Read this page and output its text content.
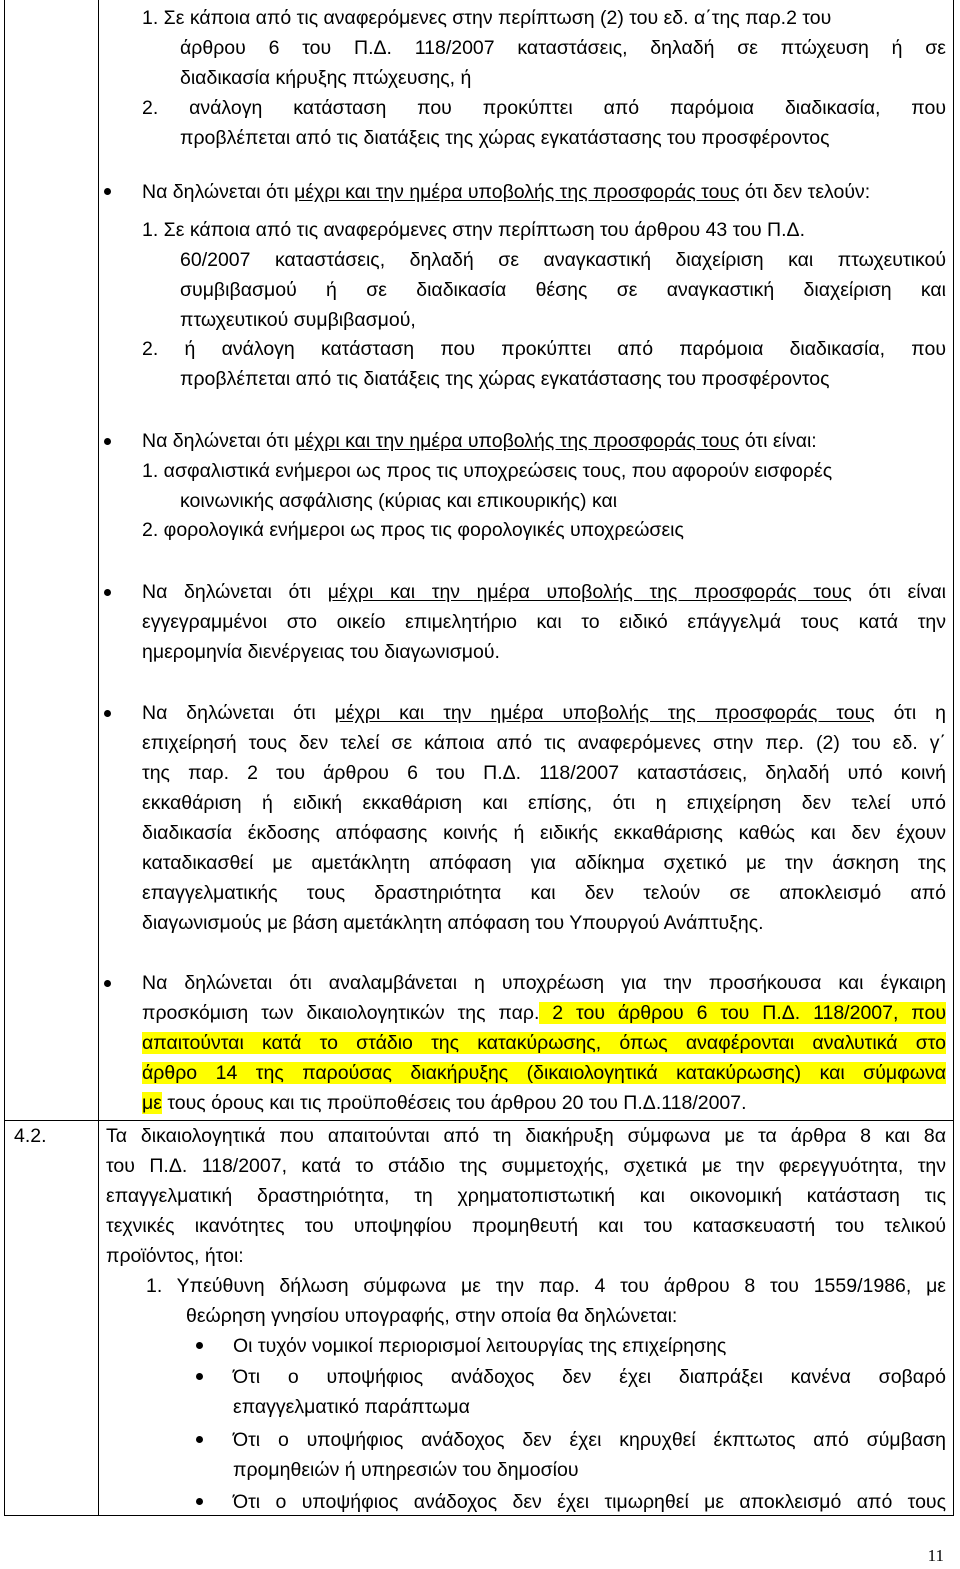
1. Σε κάποια από τις αναφερόμενες στην περίπτωση (2) του εδ. α΄της παρ.2 του
άρθρου 6 του Π.Δ. 118/2007 καταστάσεις, δηλαδή σε πτώχευση ή σε
διαδικασία κήρυξης πτώχευσης, ή
2. ανάλογη κατάσταση που προκύπτει από παρόμοια διαδικασία, που
προβλέπεται από τις διατάξεις της χώρας εγκατάστασης του προσφέροντος
Να δηλώνεται ότι μέχρι και την ημέρα υποβολής της προσφοράς τους ότι δεν τελούν:
1. Σε κάποια από τις αναφερόμενες στην περίπτωση του άρθρου 43 του Π.Δ.
60/2007 καταστάσεις, δηλαδή σε αναγκαστική διαχείριση και πτωχευτικού
συμβιβασμού ή σε διαδικασία θέσης σε αναγκαστική διαχείριση και
πτωχευτικού συμβιβασμού,
2. ή ανάλογη κατάσταση που προκύπτει από παρόμοια διαδικασία, που
προβλέπεται από τις διατάξεις της χώρας εγκατάστασης του προσφέροντος
Να δηλώνεται ότι μέχρι και την ημέρα υποβολής της προσφοράς τους ότι είναι:
1. ασφαλιστικά ενήμεροι ως προς τις υποχρεώσεις τους, που αφορούν εισφορές
κοινωνικής ασφάλισης (κύριας και επικουρικής) και
2. φορολογικά ενήμεροι ως προς τις φορολογικές υποχρεώσεις
Να δηλώνεται ότι μέχρι και την ημέρα υποβολής της προσφοράς τους ότι είναι
εγγεγραμμένοι στο οικείο επιμελητήριο και το ειδικό επάγγελμά τους κατά την
ημερομηνία διενέργειας του διαγωνισμού.
Να δηλώνεται ότι μέχρι και την ημέρα υποβολής της προσφοράς τους ότι η
επιχείρησή τους δεν τελεί σε κάποια από τις αναφερόμενες στην περ. (2) του εδ. γ΄
της παρ. 2 του άρθρου 6 του Π.Δ. 118/2007 καταστάσεις, δηλαδή υπό κοινή
εκκαθάριση ή ειδική εκκαθάριση και επίσης, ότι η επιχείρηση δεν τελεί υπό
διαδικασία έκδοσης απόφασης κοινής ή ειδικής εκκαθάρισης καθώς και δεν έχουν
καταδικασθεί με αμετάκλητη απόφαση για αδίκημα σχετικό με την άσκηση της
επαγγελματικής τους δραστηριότητα και δεν τελούν σε αποκλεισμό από
διαγωνισμούς με βάση αμετάκλητη απόφαση του Υπουργού Ανάπτυξης.
Να δηλώνεται ότι αναλαμβάνεται η υποχρέωση για την προσήκουσα και έγκαιρη
προσκόμιση των δικαιολογητικών της παρ. 2 του άρθρου 6 του Π.Δ. 118/2007, που
απαιτούνται κατά το στάδιο της κατακύρωσης, όπως αναφέρονται αναλυτικά στο
άρθρο 14 της παρούσας διακήρυξης (δικαιολογητικά κατακύρωσης) και σύμφωνα
με τους όρους και τις προϋποθέσεις του άρθρου 20 του Π.Δ.118/2007.
4.2.	Τα δικαιολογητικά που απαιτούνται από τη διακήρυξη σύμφωνα με τα άρθρα 8 και 8α
του Π.Δ. 118/2007, κατά το στάδιο της συμμετοχής, σχετικά με την φερεγγυότητα, την
επαγγελματική δραστηριότητα, τη χρηματοπιστωτική και οικονομική κατάσταση τις
τεχνικές ικανότητες του υποψηφίου προμηθευτή και του κατασκευαστή του τελικού
προϊόντος, ήτοι:
1. Υπεύθυνη δήλωση σύμφωνα με την παρ. 4 του άρθρου 8 του 1559/1986, με
θεώρηση γνησίου υπογραφής, στην οποία θα δηλώνεται:
Οι τυχόν νομικοί περιορισμοί λειτουργίας της επιχείρησης
Ότι ο υποψήφιος ανάδοχος δεν έχει διαπράξει κανένα σοβαρό
επαγγελματικό παράπτωμα
Ότι ο υποψήφιος ανάδοχος δεν έχει κηρυχθεί έκπτωτος από σύμβαση
προμηθειών ή υπηρεσιών του δημοσίου
Ότι ο υποψήφιος ανάδοχος δεν έχει τιμωρηθεί με αποκλεισμό από τους
11
